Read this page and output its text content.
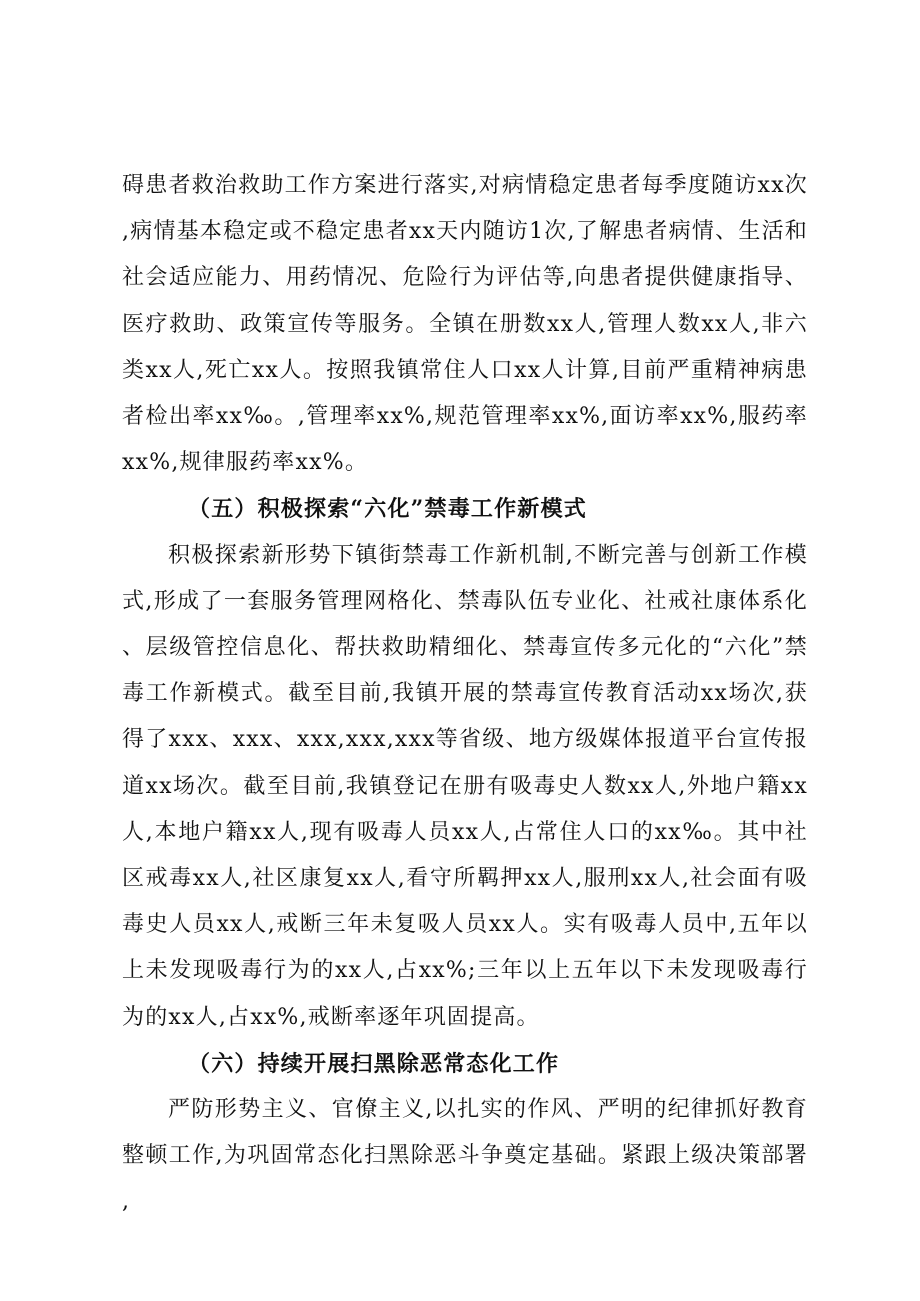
碍患者救治救助工作方案进行落实,对病情稳定患者每季度随访xx次,病情基本稳定或不稳定患者xx天内随访1次,了解患者病情、生活和社会适应能力、用药情况、危险行为评估等,向患者提供健康指导、医疗救助、政策宣传等服务。全镇在册数xx人,管理人数xx人,非六类xx人,死亡xx人。按照我镇常住人口xx人计算,目前严重精神病患者检出率xx‰。,管理率xx%,规范管理率xx%,面访率xx%,服药率xx%,规律服药率xx%。

（五）积极探索“六化”禁毒工作新模式

积极探索新形势下镇街禁毒工作新机制,不断完善与创新工作模式,形成了一套服务管理网格化、禁毒队伍专业化、社戒社康体系化、层级管控信息化、帮扶救助精细化、禁毒宣传多元化的“六化”禁毒工作新模式。截至目前,我镇开展的禁毒宣传教育活动xx场次,获得了xxx、xxx、xxx,xxx,xxx等省级、地方级媒体报道平台宣传报道xx场次。截至目前,我镇登记在册有吸毒史人数xx人,外地户籍xx人,本地户籍xx人,现有吸毒人员xx人,占常住人口的xx‰。其中社区戒毒xx人,社区康复xx人,看守所羁押xx人,服刑xx人,社会面有吸毒史人员xx人,戒断三年未复吸人员xx人。实有吸毒人员中,五年以上未发现吸毒行为的xx人,占xx%;三年以上五年以下未发现吸毒行为的xx人,占xx%,戒断率逐年巩固提高。

（六）持续开展扫黑除恶常态化工作

严防形势主义、官僚主义,以扎实的作风、严明的纪律抓好教育整顿工作,为巩固常态化扫黑除恶斗争奠定基础。紧跟上级决策部署,
